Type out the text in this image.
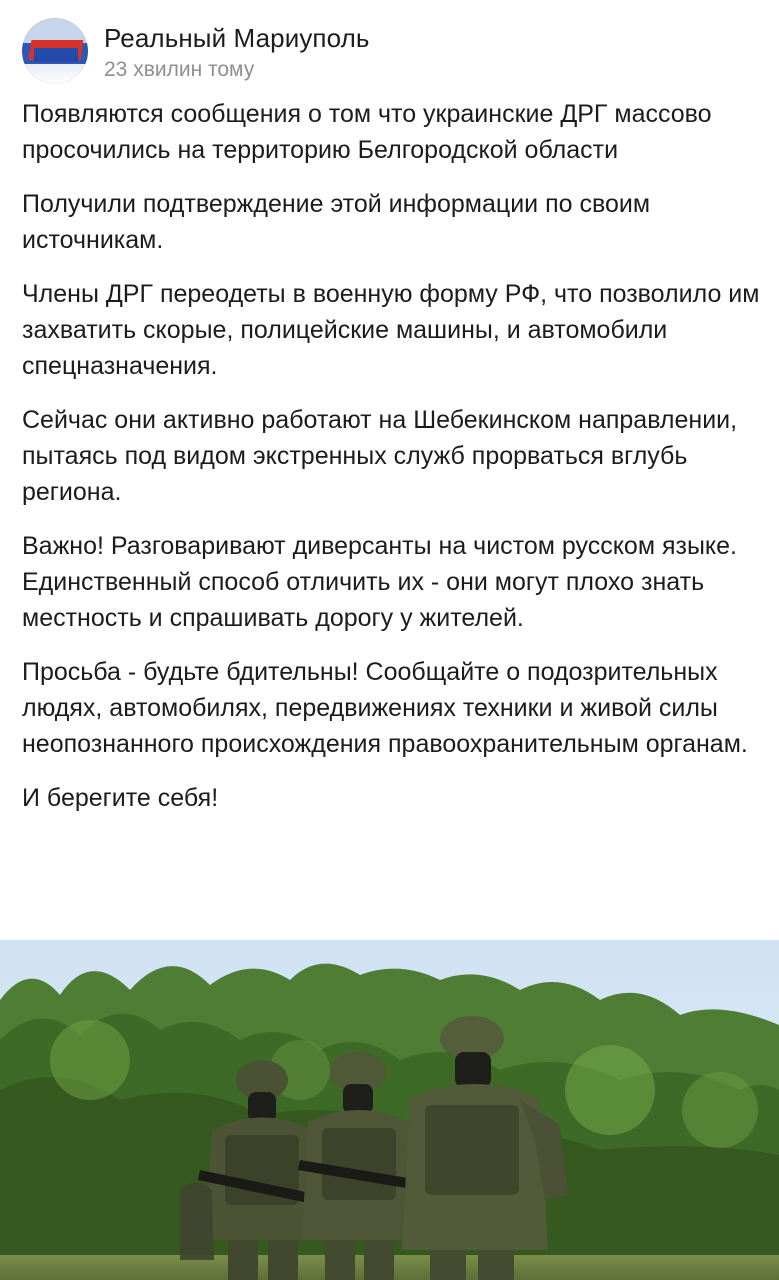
Реальный Мариуполь
23 хвилин тому

Появляются сообщения о том что украинские ДРГ массово просочились на территорию Белгородской области

Получили подтверждение этой информации по своим источникам.

Члены ДРГ переодеты в военную форму РФ, что позволило им захватить скорые, полицейские машины, и автомобили спецназначения.

Сейчас они активно работают на Шебекинском направлении, пытаясь под видом экстренных служб прорваться вглубь региона.

Важно! Разговаривают диверсанты на чистом русском языке. Единственный способ отличить их - они могут плохо знать местность и спрашивать дорогу у жителей.

Просьба - будьте бдительны! Сообщайте о подозрительных людях, автомобилях, передвижениях техники и живой силы неопознанного происхождения правоохранительным органам.

И берегите себя!
